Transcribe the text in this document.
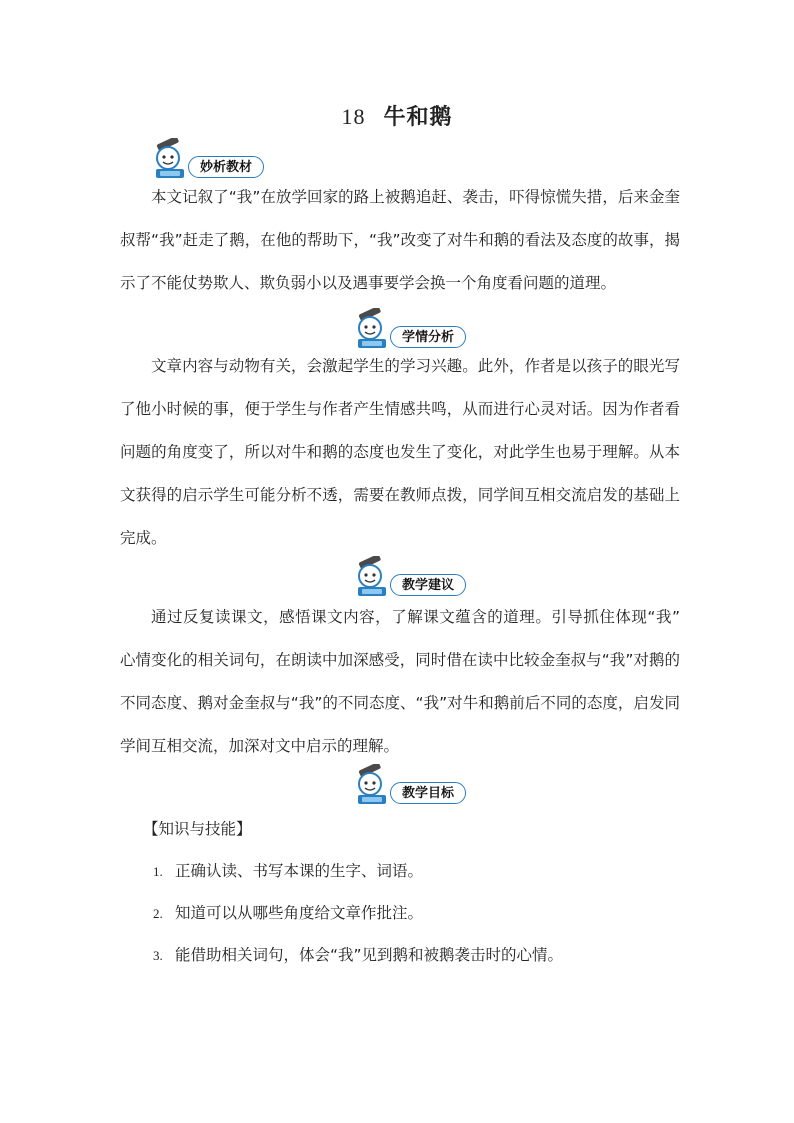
18 牛和鹅
妙析教材

本文记叙了“我”在放学回家的路上被鹅追赶、袭击，吓得惊慌失措，后来金奎叔帮“我”赶走了鹅，在他的帮助下，“我”改变了对牛和鹅的看法及态度的故事，揭示了不能仗势欺人、欺负弱小以及遇事要学会换一个角度看问题的道理。

学情分析

文章内容与动物有关，会激起学生的学习兴趣。此外，作者是以孩子的眼光写了他小时候的事，便于学生与作者产生情感共鸣，从而进行心灵对话。因为作者看问题的角度变了，所以对牛和鹅的态度也发生了变化，对此学生也易于理解。从本文获得的启示学生可能分析不透，需要在教师点拨，同学间互相交流启发的基础上完成。

教学建议

通过反复读课文，感悟课文内容，了解课文蕴含的道理。引导抓住体现“我” 心情变化的相关词句，在朗读中加深感受，同时借在读中比较金奎叔与“我”对鹅的不同态度、鹅对金奎叔与“我”的不同态度、“我”对牛和鹅前后不同的态度，启发同学间互相交流，加深对文中启示的理解。

教学目标
【知识与技能】
1. 正确认读、书写本课的生字、词语。
2. 知道可以从哪些角度给文章作批注。
3. 能借助相关词句，体会“我”见到鹅和被鹅袭击时的心情。
